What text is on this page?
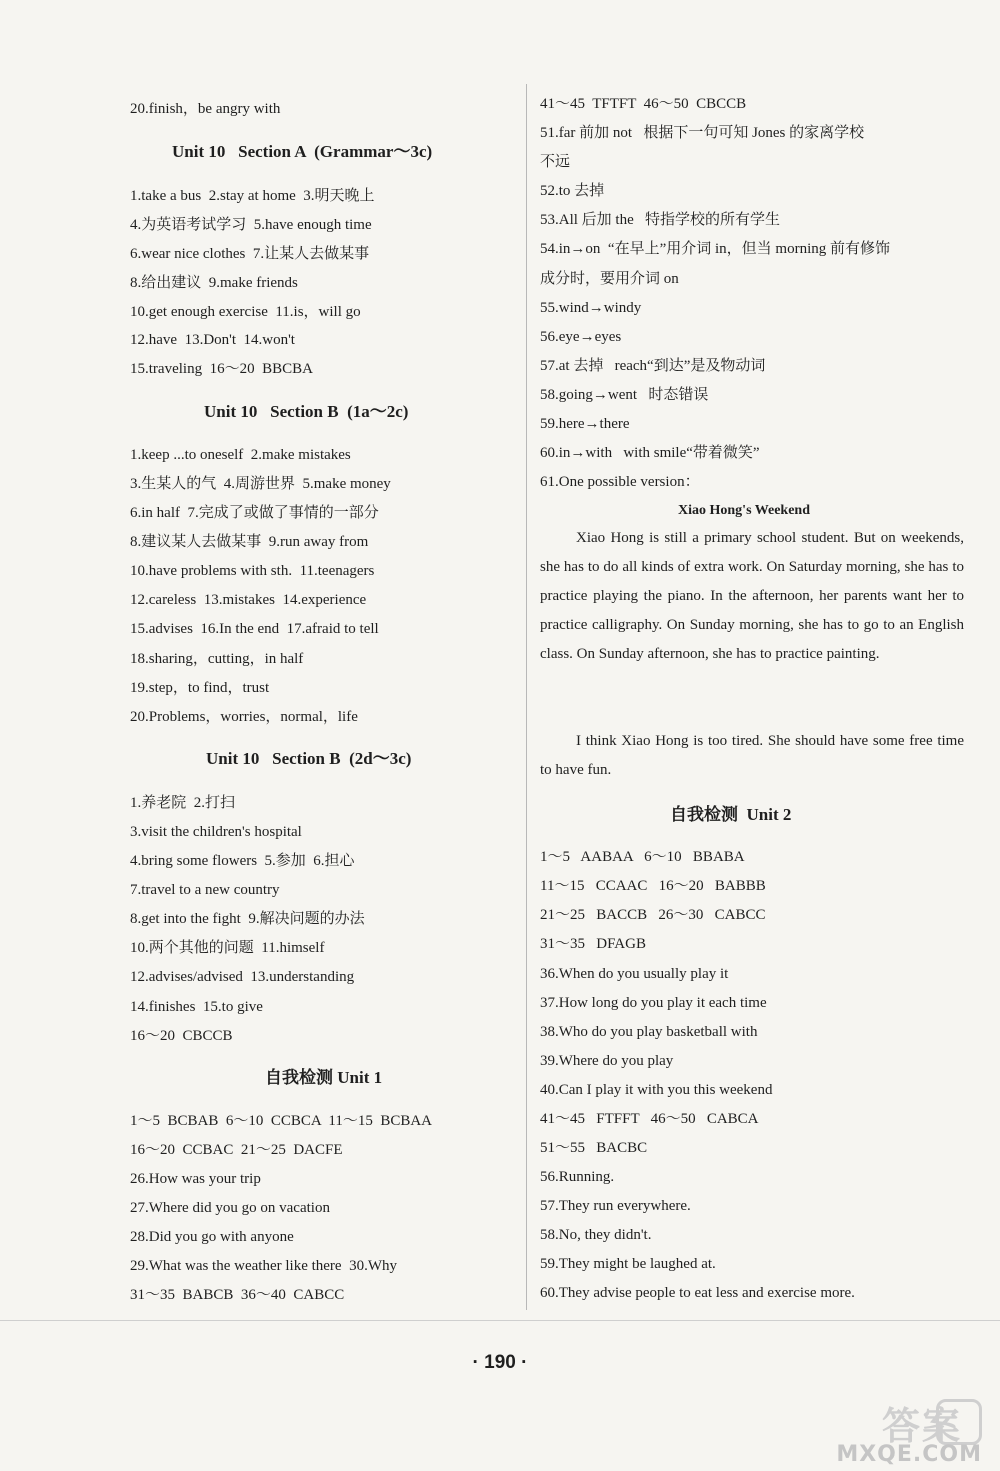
20.finish，be angry with
Unit 10   Section A  (Grammar～3c)
1.take a bus  2.stay at home  3.明天晚上
4.为英语考试学习  5.have enough time
6.wear nice clothes  7.让某人去做某事
8.给出建议  9.make friends
10.get enough exercise  11.is，will go
12.have  13.Don't  14.won't
15.traveling  16～20  BBCBA
Unit 10   Section B  (1a～2c)
1.keep ...to oneself  2.make mistakes
3.生某人的气  4.周游世界  5.make money
6.in half  7.完成了或做了事情的一部分
8.建议某人去做某事  9.run away from
10.have problems with sth.  11.teenagers
12.careless  13.mistakes  14.experience
15.advises  16.In the end  17.afraid to tell
18.sharing，cutting，in half
19.step，to find，trust
20.Problems，worries，normal，life
Unit 10   Section B  (2d～3c)
1.养老院  2.打扫
3.visit the children's hospital
4.bring some flowers  5.参加  6.担心
7.travel to a new country
8.get into the fight  9.解决问题的办法
10.两个其他的问题  11.himself
12.advises/advised  13.understanding
14.finishes  15.to give
16～20  CBCCB
自我检测 Unit 1
1～5  BCBAB  6～10  CCBCA  11～15  BCBAA
16～20  CCBAC  21～25  DACFE
26.How was your trip
27.Where did you go on vacation
28.Did you go with anyone
29.What was the weather like there  30.Why
31～35  BABCB  36～40  CABCC
41～45  TFTFT  46～50  CBCCB
51.far 前加 not   根据下一句可知 Jones 的家离学校
不远
52.to 去掉
53.All 后加 the   特指学校的所有学生
54.in→on  “在早上”用介词 in，但当 morning 前有修饰
成分时，要用介词 on
55.wind→windy
56.eye→eyes
57.at 去掉   reach“到达”是及物动词
58.going→went   时态错误
59.here→there
60.in→with   with smile“带着微笑”
61.One possible version：
Xiao Hong's Weekend
Xiao Hong is still a primary school student. But on weekends, she has to do all kinds of extra work. On Saturday morning, she has to practice playing the piano. In the afternoon, her parents want her to practice calligraphy. On Sunday morning, she has to go to an English class. On Sunday afternoon, she has to practice painting.
I think Xiao Hong is too tired. She should have some free time to have fun.
自我检测  Unit 2
1～5   AABAA   6～10   BBABA
11～15   CCAAC   16～20   BABBB
21～25   BACCB   26～30   CABCC
31～35   DFAGB
36.When do you usually play it
37.How long do you play it each time
38.Who do you play basketball with
39.Where do you play
40.Can I play it with you this weekend
41～45   FTFFT   46～50   CABCA
51～55   BACBC
56.Running.
57.They run everywhere.
58.No, they didn't.
59.They might be laughed at.
60.They advise people to eat less and exercise more.
· 190 ·
答案
MXQE.COM
